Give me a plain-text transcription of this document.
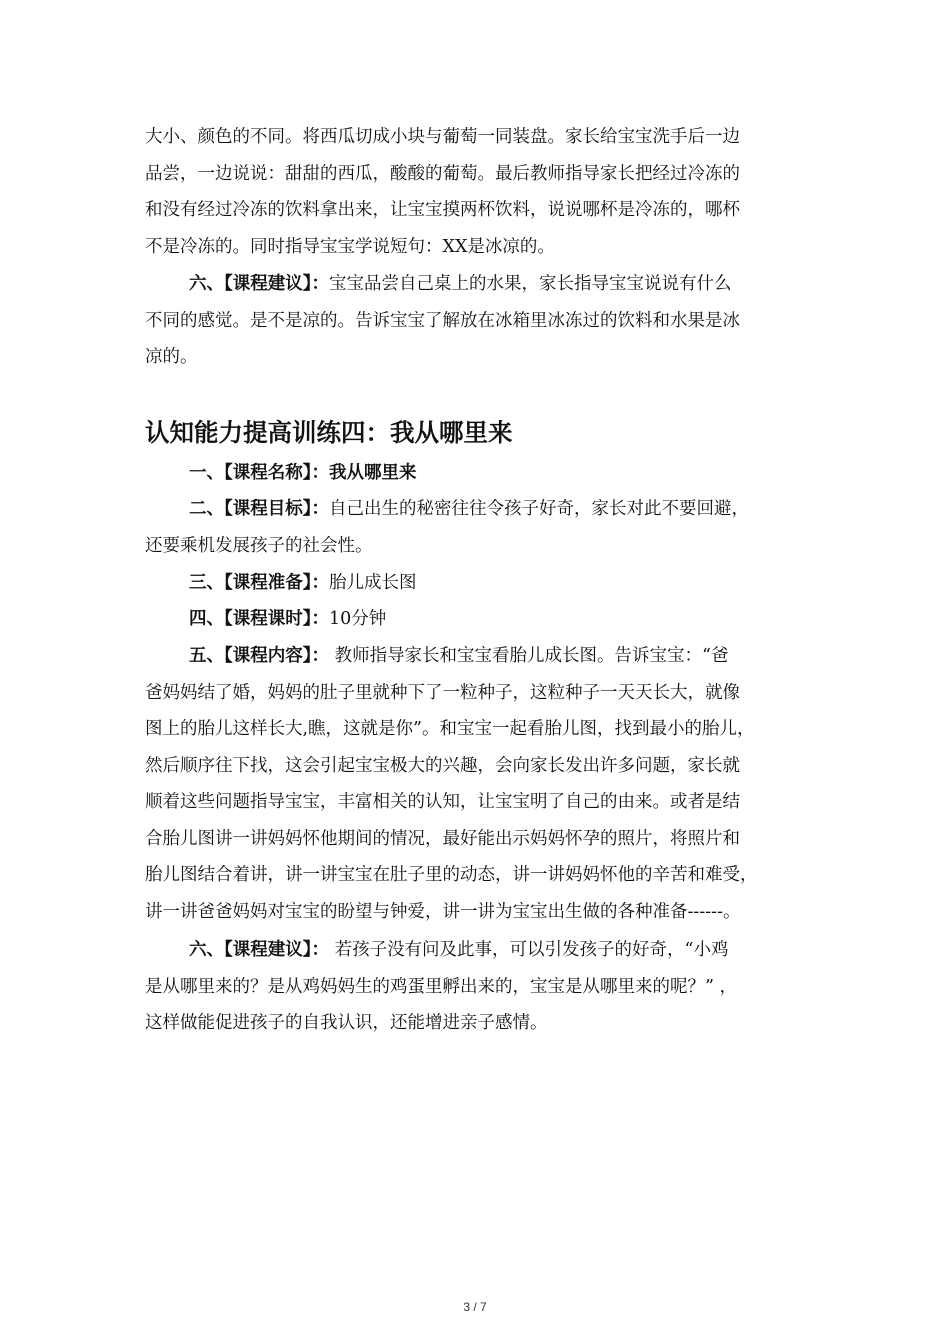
大小、颜色的不同。将西瓜切成小块与葡萄一同装盘。家长给宝宝洗手后一边
品尝，一边说说：甜甜的西瓜，酸酸的葡萄。最后教师指导家长把经过冷冻的
和没有经过冷冻的饮料拿出来，让宝宝摸两杯饮料，说说哪杯是冷冻的，哪杯
不是冷冻的。同时指导宝宝学说短句：XX是冰凉的。

六、【课程建议】：宝宝品尝自己桌上的水果，家长指导宝宝说说有什么
不同的感觉。是不是凉的。告诉宝宝了解放在冰箱里冰冻过的饮料和水果是冰
凉的。

认知能力提高训练四：我从哪里来

一、【课程名称】：我从哪里来

二、【课程目标】：自己出生的秘密往往令孩子好奇，家长对此不要回避，
还要乘机发展孩子的社会性。

三、【课程准备】：胎儿成长图

四、【课程课时】：10分钟

五、【课程内容】： 教师指导家长和宝宝看胎儿成长图。告诉宝宝：“爸
爸妈妈结了婚，妈妈的肚子里就种下了一粒种子，这粒种子一天天长大，就像
图上的胎儿这样长大,瞧，这就是你”。和宝宝一起看胎儿图，找到最小的胎儿，
然后顺序往下找，这会引起宝宝极大的兴趣，会向家长发出许多问题，家长就
顺着这些问题指导宝宝，丰富相关的认知，让宝宝明了自己的由来。或者是结
合胎儿图讲一讲妈妈怀他期间的情况，最好能出示妈妈怀孕的照片，将照片和
胎儿图结合着讲，讲一讲宝宝在肚子里的动态，讲一讲妈妈怀他的辛苦和难受，
讲一讲爸爸妈妈对宝宝的盼望与钟爱，讲一讲为宝宝出生做的各种准备------。

六、【课程建议】： 若孩子没有问及此事，可以引发孩子的好奇，“小鸡
是从哪里来的？是从鸡妈妈生的鸡蛋里孵出来的，宝宝是从哪里来的呢？” ，
这样做能促进孩子的自我认识，还能增进亲子感情。

3 / 7
